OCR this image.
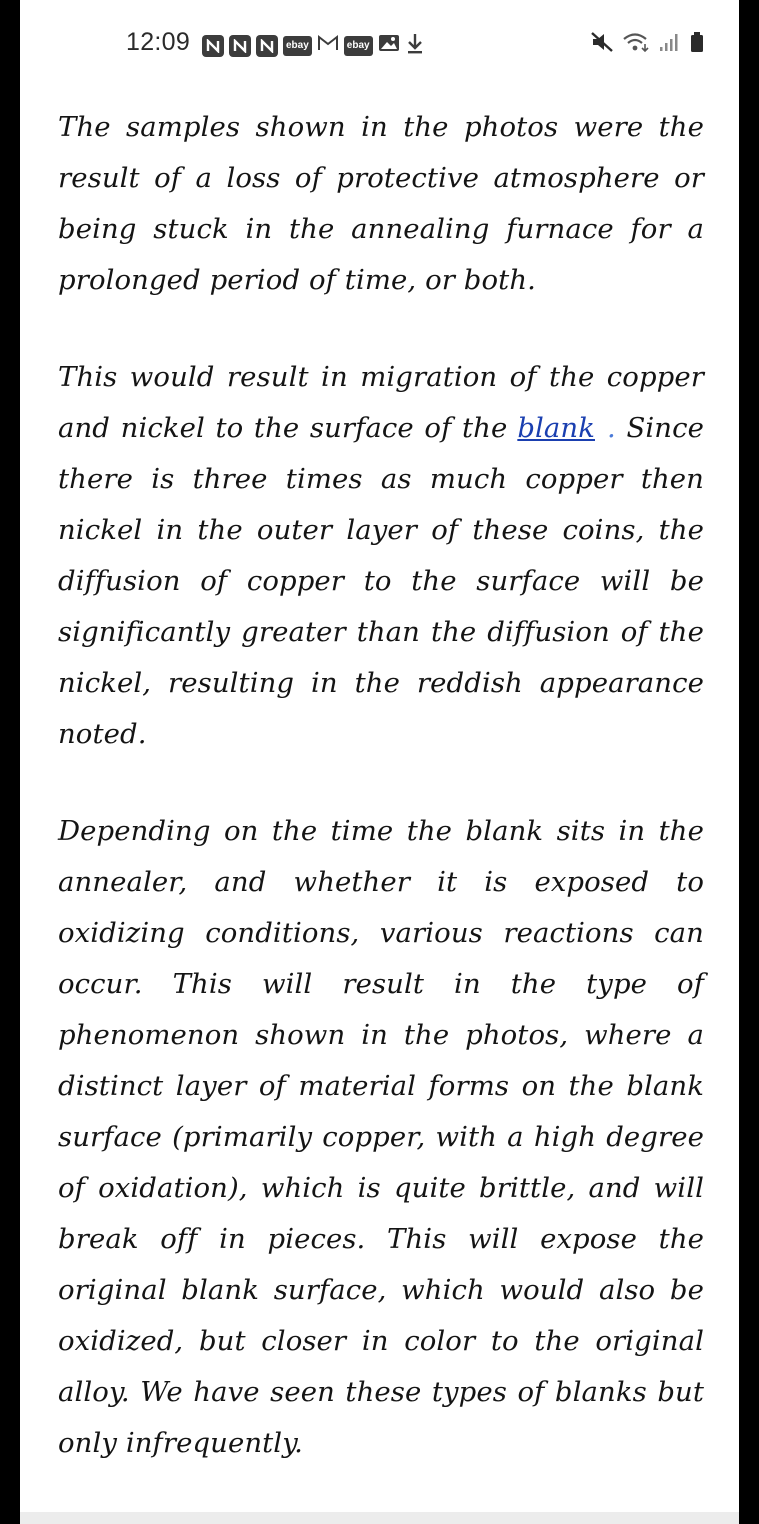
12:09	ebay	ebay

The samples shown in the photos were the result of a loss of protective atmosphere or being stuck in the annealing furnace for a prolonged period of time, or both.

This would result in migration of the copper and nickel to the surface of the blank . Since there is three times as much copper then nickel in the outer layer of these coins, the diffusion of copper to the surface will be significantly greater than the diffusion of the nickel, resulting in the reddish appearance noted.

Depending on the time the blank sits in the annealer, and whether it is exposed to oxidizing conditions, various reactions can occur. This will result in the type of phenomenon shown in the photos, where a distinct layer of material forms on the blank surface (primarily copper, with a high degree of oxidation), which is quite brittle, and will break off in pieces. This will expose the original blank surface, which would also be oxidized, but closer in color to the original alloy. We have seen these types of blanks but only infrequently.
